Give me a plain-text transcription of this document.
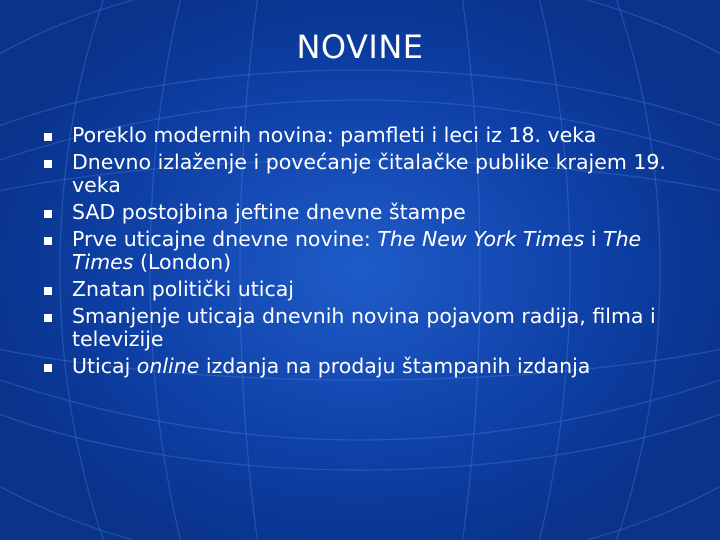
NOVINE
Poreklo modernih novina: pamfleti i leci iz 18. veka
Dnevno izlaženje i povećanje čitalačke publike krajem 19. veka
SAD postojbina jeftine dnevne štampe
Prve uticajne dnevne novine: The New York Times i The Times (London)
Znatan politički uticaj
Smanjenje uticaja dnevnih novina pojavom radija, filma i televizije
Uticaj online izdanja na prodaju štampanih izdanja
